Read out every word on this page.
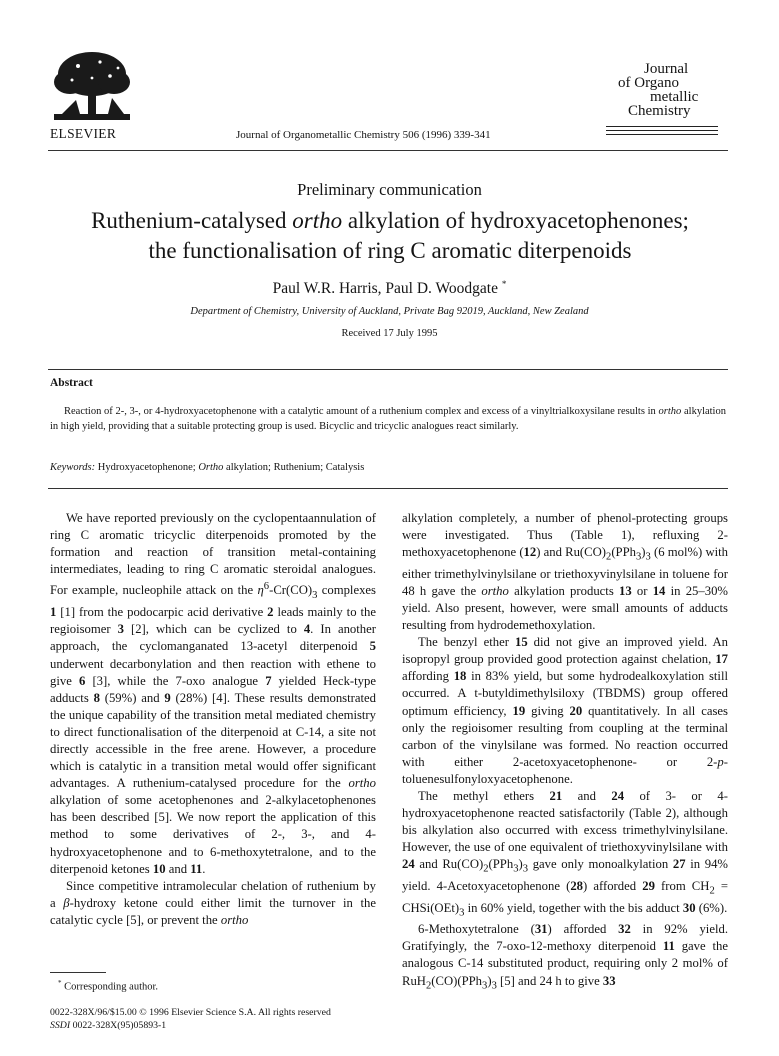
ELSEVIER	Journal of Organometallic Chemistry 506 (1996) 339-341
Journal
of Organo
metallic
Chemistry
Preliminary communication
Ruthenium-catalysed ortho alkylation of hydroxyacetophenones;
the functionalisation of ring C aromatic diterpenoids
Paul W.R. Harris, Paul D. Woodgate *
Department of Chemistry, University of Auckland, Private Bag 92019, Auckland, New Zealand
Received 17 July 1995
Abstract
Reaction of 2-, 3-, or 4-hydroxyacetophenone with a catalytic amount of a ruthenium complex and excess of a vinyltrialkoxysilane results in ortho alkylation in high yield, providing that a suitable protecting group is used. Bicyclic and tricyclic analogues react similarly.
Keywords: Hydroxyacetophenone; Ortho alkylation; Ruthenium; Catalysis

We have reported previously on the cyclopentaannulation of ring C aromatic tricyclic diterpenoids promoted by the formation and reaction of transition metal-containing intermediates, leading to ring C aromatic steroidal analogues. For example, nucleophile attack on the $\eta^6-Cr(CO)_3$ complexes 1 [1] from the podocarpic acid derivative 2 leads mainly to the regioisomer 3 [2], which can be cyclized to 4. In another approach, the cyclomanganated 13-acetyl diterpenoid 5 underwent decarbonylation and then reaction with ethene to give 6 [3], while the 7-oxo analogue 7 yielded Heck-type adducts 8 (59%) and 9 (28%) [4]. These results demonstrated the unique capability of the transition metal mediated chemistry to direct functionalisation of the diterpenoid at C-14, a site not directly accessible in the free arene. However, a procedure which is catalytic in a transition metal would offer significant advantages. A ruthenium-catalysed procedure for the ortho alkylation of some acetophenones and 2-alkylacetophenones has been described [5]. We now report the application of this method to some derivatives of 2-, 3-, and 4-hydroxyacetophenone and to 6-methoxytetralone, and to the diterpenoid ketones 10 and 11.

Since competitive intramolecular chelation of ruthenium by a β-hydroxy ketone could either limit the turnover in the catalytic cycle [5], or prevent the ortho

alkylation completely, a number of phenol-protecting groups were investigated. Thus (Table 1), refluxing 2-methoxyacetophenone (12) and $Ru(CO)_2(PPh_3)_3$ (6 mol%) with either trimethylvinylsilane or triethoxyvinylsilane in toluene for 48 h gave the ortho alkylation products 13 or 14 in 25–30% yield. Also present, however, were small amounts of adducts resulting from hydrodemethoxylation.

The benzyl ether 15 did not give an improved yield. An isopropyl group provided good protection against chelation, 17 affording 18 in 83% yield, but some hydrodealkoxylation still occurred. A t-butyldimethylsiloxy (TBDMS) group offered optimum efficiency, 19 giving 20 quantitatively. In all cases only the regioisomer resulting from coupling at the terminal carbon of the vinylsilane was formed. No reaction occurred with either 2-acetoxyacetophenone- or 2-p-toluenesulfonyloxyacetophenone.

The methyl ethers 21 and 24 of 3- or 4-hydroxyacetophenone reacted satisfactorily (Table 2), although bis alkylation also occurred with excess trimethylvinylsilane. However, the use of one equivalent of triethoxyvinylsilane with 24 and $Ru(CO)_2(PPh_3)_3$ gave only monoalkylation 27 in 94% yield. 4-Acetoxyacetophenone (28) afforded 29 from $CH_2$ = $CHSi(OEt)_3$ in 60% yield, together with the bis adduct 30 (6%).

6-Methoxytetralone (31) afforded 32 in 92% yield. Gratifyingly, the 7-oxo-12-methoxy diterpenoid 11 gave the analogous C-14 substituted product, requiring only 2 mol% of $RuH_2(CO)(PPh_3)_3$ [5] and 24 h to give 33

* Corresponding author.
0022-328X/96/$15.00 © 1996 Elsevier Science S.A. All rights reserved
SSDI 0022-328X(95)05893-1
